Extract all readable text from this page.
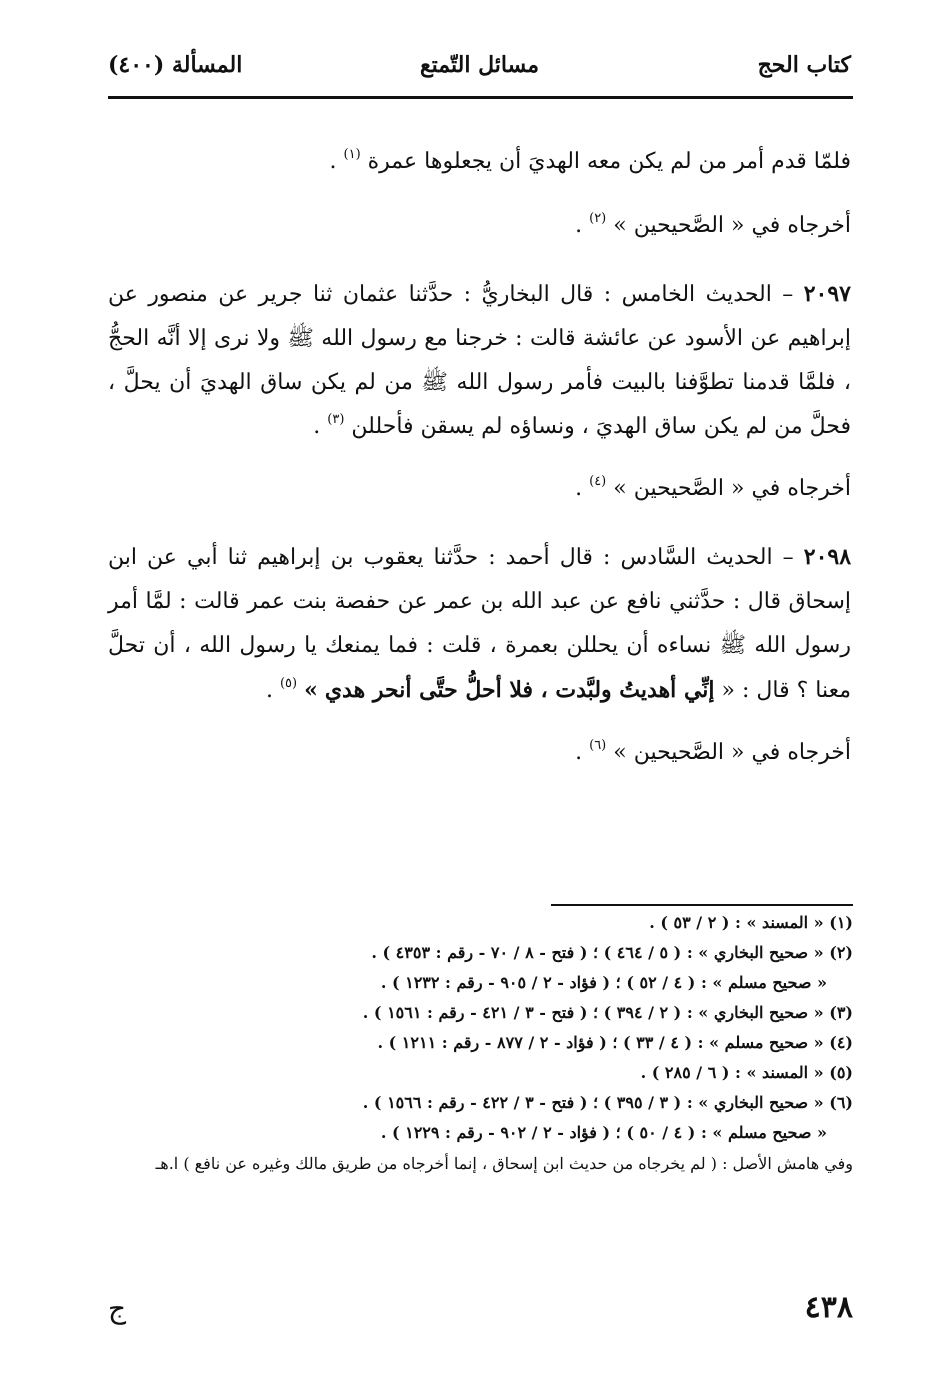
كتاب الحج
مسائل التّمتع
المسألة (٤٠٠)

فلمّا قدم أمر من لم يكن معه الهديَ أن يجعلوها عمرة $^{(١)}$ .

أخرجاه في « الصَّحيحين » $^{(٢)}$ .

٢٠٩٧ – الحديث الخامس : قال البخاريُّ : حدَّثنا عثمان ثنا جرير عن منصور عن إبراهيم عن الأسود عن عائشة قالت : خرجنا مع رسول الله ﷺ ولا نرى إلا أنَّه الحجُّ ، فلمَّا قدمنا تطوَّفنا بالبيت فأمر رسول الله ﷺ من لم يكن ساق الهديَ أن يحلَّ ، فحلَّ من لم يكن ساق الهديَ ، ونساؤه لم يسقن فأحللن $^{(٣)}$ .

أخرجاه في « الصَّحيحين » $^{(٤)}$ .

٢٠٩٨ – الحديث السَّادس : قال أحمد : حدَّثنا يعقوب بن إبراهيم ثنا أبي عن ابن إسحاق قال : حدَّثني نافع عن عبد الله بن عمر عن حفصة بنت عمر قالت : لمَّا أمر رسول الله ﷺ نساءه أن يحللن بعمرة ، قلت : فما يمنعك يا رسول الله ، أن تحلَّ معنا ؟ قال : « إنِّي أهديتُ ولبَّدت ، فلا أحلُّ حتَّى أنحر هدي » $^{(٥)}$ .

أخرجاه في « الصَّحيحين » $^{(٦)}$ .

(١) « المسند » : ( ٢ / ٥٣ ) .

(٢) « صحيح البخاري » : ( ٥ / ٤٦٤ ) ؛ ( فتح - ٨ / ٧٠ - رقم : ٤٣٥٣ ) .

« صحيح مسلم » : ( ٤ / ٥٢ ) ؛ ( فؤاد - ٢ / ٩٠٥ - رقم : ١٢٣٢ ) .

(٣) « صحيح البخاري » : ( ٢ / ٣٩٤ ) ؛ ( فتح - ٣ / ٤٢١ - رقم : ١٥٦١ ) .

(٤) « صحيح مسلم » : ( ٤ / ٣٣ ) ؛ ( فؤاد - ٢ / ٨٧٧ - رقم : ١٢١١ ) .

(٥) « المسند » : ( ٦ / ٢٨٥ ) .

(٦) « صحيح البخاري » : ( ٣ / ٣٩٥ ) ؛ ( فتح - ٣ / ٤٢٢ - رقم : ١٥٦٦ ) .

« صحيح مسلم » : ( ٤ / ٥٠ ) ؛ ( فؤاد - ٢ / ٩٠٢ - رقم : ١٢٢٩ ) .

وفي هامش الأصل : ( لم يخرجاه من حديث ابن إسحاق ، إنما أخرجاه من طريق مالك وغيره عن نافع ) ا.هـ

٤٣٨
ج
